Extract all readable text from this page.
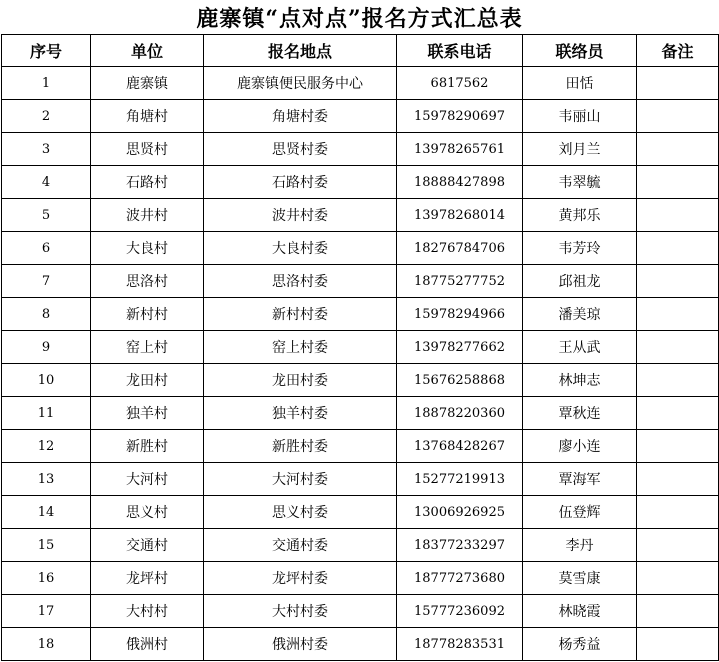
鹿寨镇“点对点”报名方式汇总表
序号	单位	报名地点	联系电话	联络员	备注
1	鹿寨镇	鹿寨镇便民服务中心	6817562	田恬	
2	角塘村	角塘村委	15978290697	韦丽山	
3	思贤村	思贤村委	13978265761	刘月兰	
4	石路村	石路村委	18888427898	韦翠毓	
5	波井村	波井村委	13978268014	黄邦乐	
6	大良村	大良村委	18276784706	韦芳玲	
7	思洛村	思洛村委	18775277752	邱祖龙	
8	新村村	新村村委	15978294966	潘美琼	
9	窑上村	窑上村委	13978277662	王从武	
10	龙田村	龙田村委	15676258868	林坤志	
11	独羊村	独羊村委	18878220360	覃秋连	
12	新胜村	新胜村委	13768428267	廖小连	
13	大河村	大河村委	15277219913	覃海军	
14	思义村	思义村委	13006926925	伍登辉	
15	交通村	交通村委	18377233297	李丹	
16	龙坪村	龙坪村委	18777273680	莫雪康	
17	大村村	大村村委	15777236092	林晓霞	
18	俄洲村	俄洲村委	18778283531	杨秀益	
